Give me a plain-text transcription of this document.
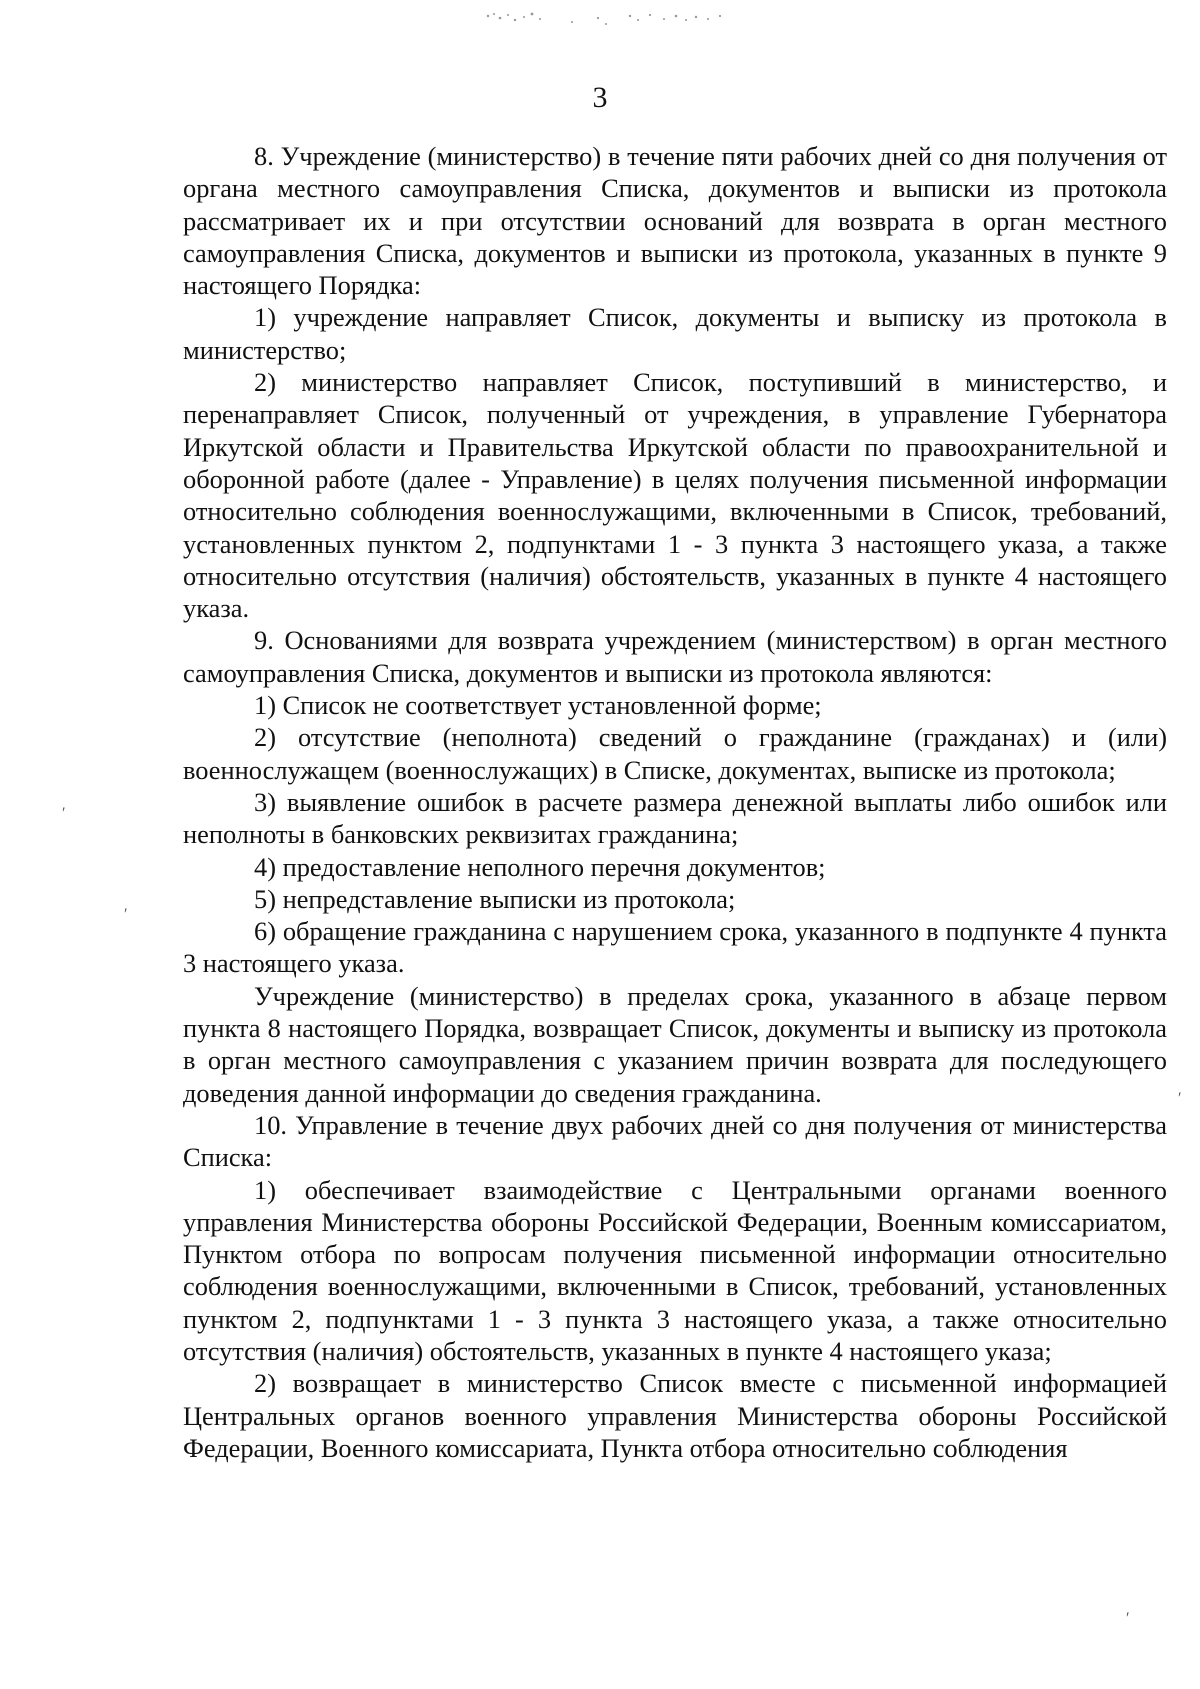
3

8. Учреждение (министерство) в течение пяти рабочих дней со дня получения от органа местного самоуправления Списка, документов и выписки из протокола рассматривает их и при отсутствии оснований для возврата в орган местного самоуправления Списка, документов и выписки из протокола, указанных в пункте 9 настоящего Порядка:

1) учреждение направляет Список, документы и выписку из протокола в министерство;

2) министерство направляет Список, поступивший в министерство, и перенаправляет Список, полученный от учреждения, в управление Губернатора Иркутской области и Правительства Иркутской области по правоохранительной и оборонной работе (далее - Управление) в целях получения письменной информации относительно соблюдения военнослужащими, включенными в Список, требований, установленных пунктом 2, подпунктами 1 - 3 пункта 3 настоящего указа, а также относительно отсутствия (наличия) обстоятельств, указанных в пункте 4 настоящего указа.

9. Основаниями для возврата учреждением (министерством) в орган местного самоуправления Списка, документов и выписки из протокола являются:

1) Список не соответствует установленной форме;

2) отсутствие (неполнота) сведений о гражданине (гражданах) и (или) военнослужащем (военнослужащих) в Списке, документах, выписке из протокола;

3) выявление ошибок в расчете размера денежной выплаты либо ошибок или неполноты в банковских реквизитах гражданина;

4) предоставление неполного перечня документов;

5) непредставление выписки из протокола;

6) обращение гражданина с нарушением срока, указанного в подпункте 4 пункта 3 настоящего указа.

Учреждение (министерство) в пределах срока, указанного в абзаце первом пункта 8 настоящего Порядка, возвращает Список, документы и выписку из протокола в орган местного самоуправления с указанием причин возврата для последующего доведения данной информации до сведения гражданина.

10. Управление в течение двух рабочих дней со дня получения от министерства Списка:

1) обеспечивает взаимодействие с Центральными органами военного управления Министерства обороны Российской Федерации, Военным комиссариатом, Пунктом отбора по вопросам получения письменной информации относительно соблюдения военнослужащими, включенными в Список, требований, установленных пунктом 2, подпунктами 1 - 3 пункта 3 настоящего указа, а также относительно отсутствия (наличия) обстоятельств, указанных в пункте 4 настоящего указа;

2) возвращает в министерство Список вместе с письменной информацией Центральных органов военного управления Министерства обороны Российской Федерации, Военного комиссариата, Пункта отбора относительно соблюдения

′
′
′
′
